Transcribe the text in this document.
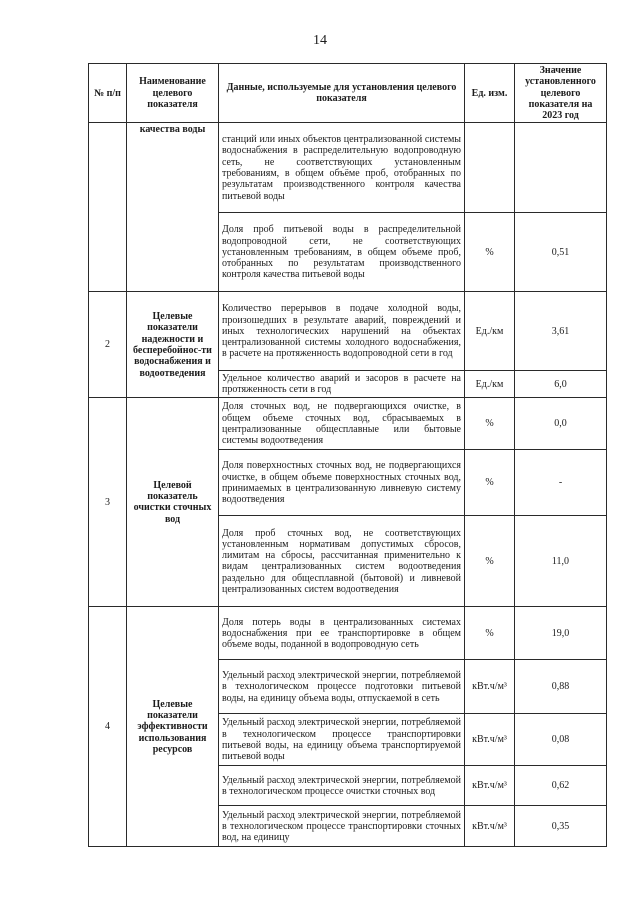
14
№ п/п	Наименование целевого показателя	Данные, используемые для установления целевого показателя	Ед. изм.	Значение установленного целевого показателя на 2023 год
	качества воды	станций или иных объектов централизованной системы водоснабжения в распределительную водопроводную сеть, не соответствующих установленным требованиям, в общем объёме проб, отобранных по результатам производственного контроля качества питьевой воды		
		Доля проб питьевой воды в распределительной водопроводной сети, не соответствующих установленным требованиям, в общем объеме проб, отобранных по результатам производственного контроля качества питьевой воды	%	0,51
2	Целевые показатели надежности и бесперебойнос-ти водоснабжения и водоотведения	Количество перерывов в подаче холодной воды, произошедших в результате аварий, повреждений и иных технологических нарушений на объектах централизованной системы холодного водоснабжения, в расчете на протяженность водопроводной сети в год	Ед./км	3,61
		Удельное количество аварий и засоров в расчете на протяженность сети в год	Ед./км	6,0
3	Целевой показатель очистки сточных вод	Доля сточных вод, не подвергающихся очистке, в общем объеме сточных вод, сбрасываемых в централизованные общесплавные или бытовые системы водоотведения	%	0,0
		Доля поверхностных сточных вод, не подвергающихся очистке, в общем объеме поверхностных сточных вод, принимаемых в централизованную ливневую систему водоотведения	%	-
		Доля проб сточных вод, не соответствующих установленным нормативам допустимых сбросов, лимитам на сбросы, рассчитанная применительно к видам централизованных систем водоотведения раздельно для общесплавной (бытовой) и ливневой централизованных систем водоотведения	%	11,0
4	Целевые показатели эффективности использования ресурсов	Доля потерь воды в централизованных системах водоснабжения при ее транспортировке в общем объеме воды, поданной в водопроводную сеть	%	19,0
		Удельный расход электрической энергии, потребляемой в технологическом процессе подготовки питьевой воды, на единицу объема воды, отпускаемой в сеть	кВт.ч/м³	0,88
		Удельный расход электрической энергии, потребляемой в технологическом процессе транспортировки питьевой воды, на единицу объема транспортируемой питьевой воды	кВт.ч/м³	0,08
		Удельный расход электрической энергии, потребляемой в технологическом процессе очистки сточных вод	кВт.ч/м³	0,62
		Удельный расход электрической энергии, потребляемой в технологическом процессе транспортировки сточных вод, на единицу	кВт.ч/м³	0,35
